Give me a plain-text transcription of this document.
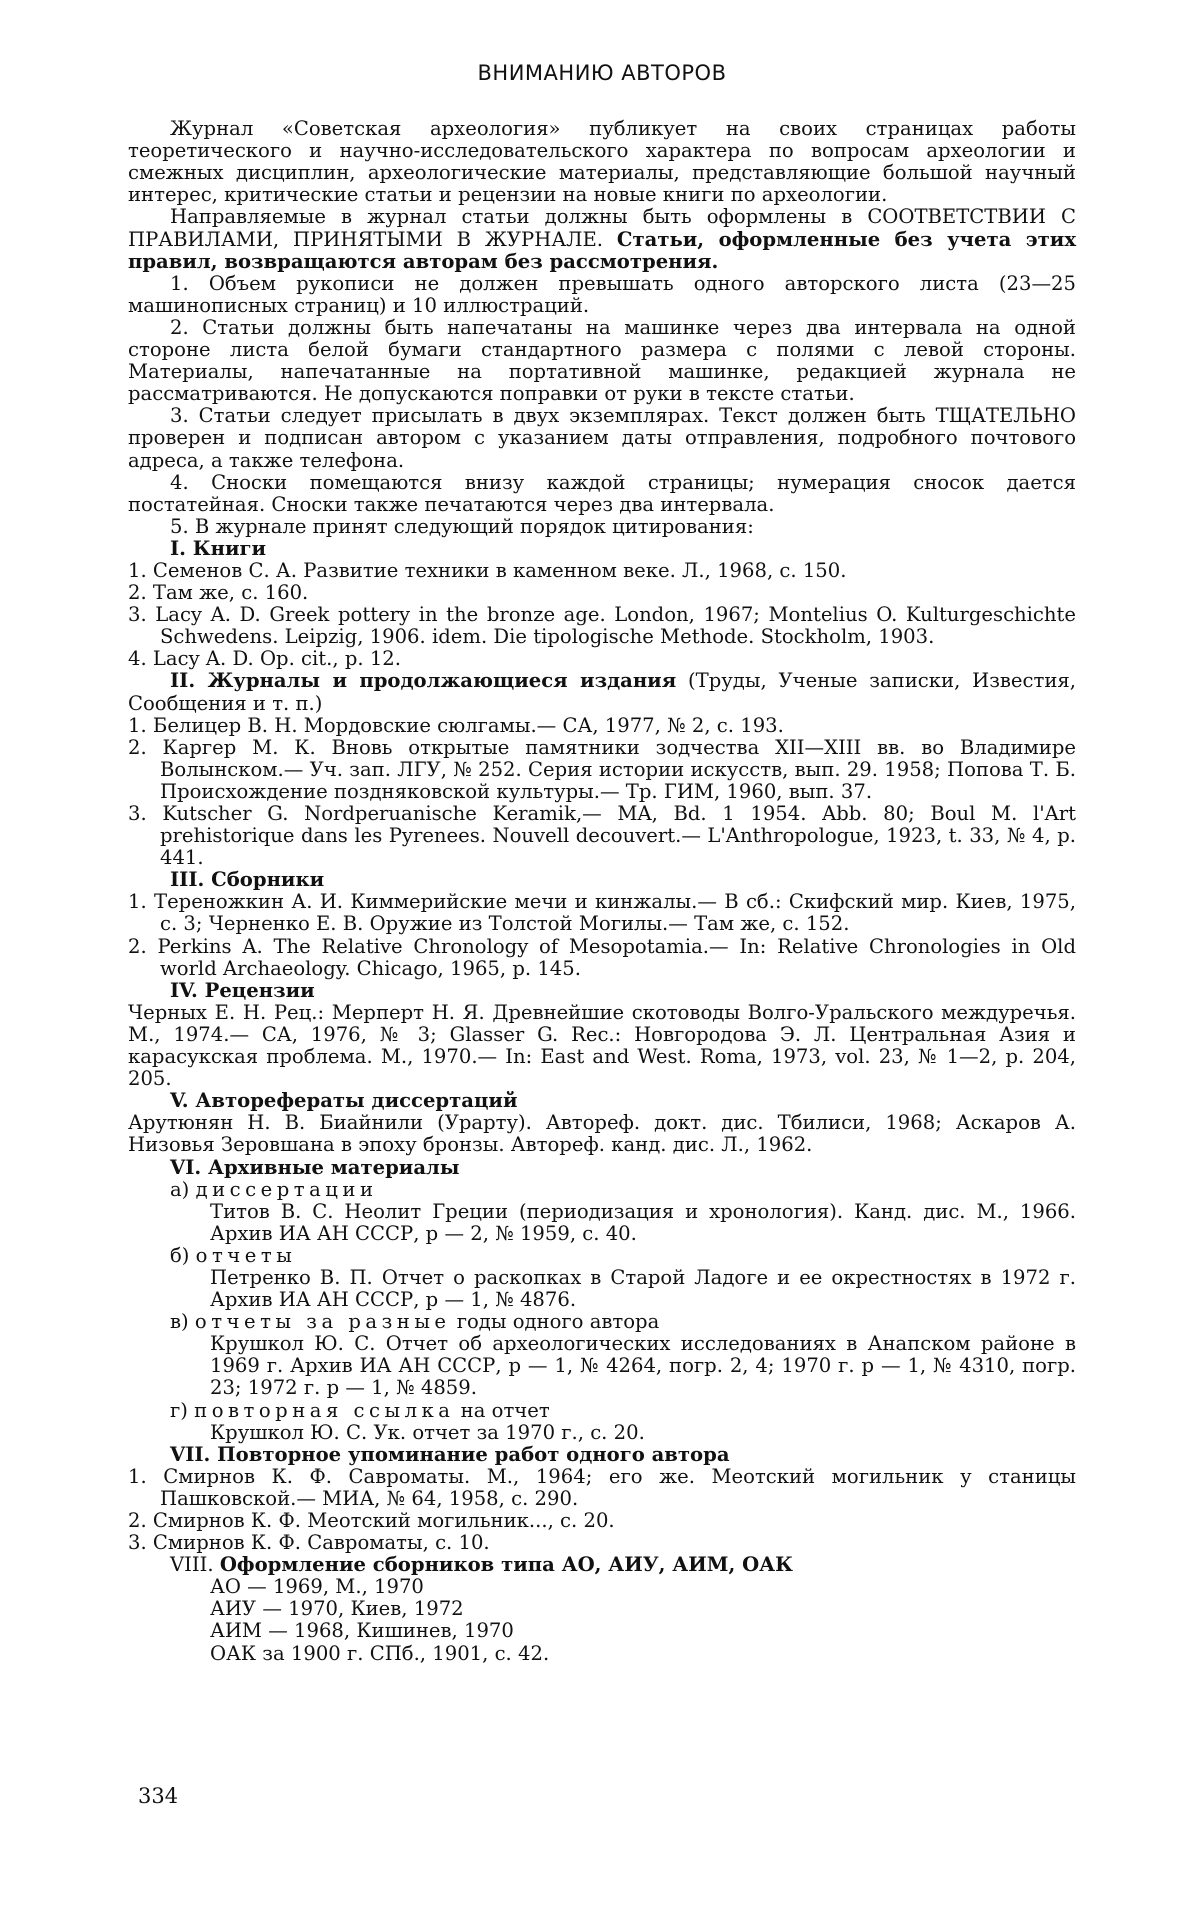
ВНИМАНИЮ АВТОРОВ

Журнал «Советская археология» публикует на своих страницах работы теоретического и научно-исследовательского характера по вопросам археологии и смежных дисциплин, археологические материалы, представляющие большой научный интерес, критические статьи и рецензии на новые книги по археологии.

Направляемые в журнал статьи должны быть оформлены в СООТВЕТСТВИИ С ПРАВИЛАМИ, ПРИНЯТЫМИ В ЖУРНАЛЕ. Статьи, оформленные без учета этих правил, возвращаются авторам без рассмотрения.

1. Объем рукописи не должен превышать одного авторского листа (23—25 машинописных страниц) и 10 иллюстраций.

2. Статьи должны быть напечатаны на машинке через два интервала на одной стороне листа белой бумаги стандартного размера с полями с левой стороны. Материалы, напечатанные на портативной машинке, редакцией журнала не рассматриваются. Не допускаются поправки от руки в тексте статьи.

3. Статьи следует присылать в двух экземплярах. Текст должен быть ТЩАТЕЛЬНО проверен и подписан автором с указанием даты отправления, подробного почтового адреса, а также телефона.

4. Сноски помещаются внизу каждой страницы; нумерация сносок дается постатейная. Сноски также печатаются через два интервала.

5. В журнале принят следующий порядок цитирования:

I. Книги

1. Семенов С. А. Развитие техники в каменном веке. Л., 1968, с. 150.

2. Там же, с. 160.

3. Lacy A. D. Greek pottery in the bronze age. London, 1967; Montelius O. Kulturgeschichte Schwedens. Leipzig, 1906. idem. Die tipologische Methode. Stockholm, 1903.

4. Lacy A. D. Op. cit., p. 12.

II. Журналы и продолжающиеся издания (Труды, Ученые записки, Известия, Сообщения и т. п.)

1. Белицер В. Н. Мордовские сюлгамы.— СА, 1977, № 2, с. 193.

2. Каргер М. К. Вновь открытые памятники зодчества XII—XIII вв. во Владимире Волынском.— Уч. зап. ЛГУ, № 252. Серия истории искусств, вып. 29. 1958; Попова Т. Б. Происхождение поздняковской культуры.— Тр. ГИМ, 1960, вып. 37.

3. Kutscher G. Nordperuanische Keramik,— MA, Bd. 1 1954. Abb. 80; Boul M. l'Art prehistorique dans les Pyrenees. Nouvell decouvert.— L'Anthropologue, 1923, t. 33, № 4, p. 441.

III. Сборники

1. Тереножкин А. И. Киммерийские мечи и кинжалы.— В сб.: Скифский мир. Киев, 1975, с. 3; Черненко Е. В. Оружие из Толстой Могилы.— Там же, с. 152.

2. Perkins A. The Relative Chronology of Mesopotamia.— In: Relative Chronologies in Old world Archaeology. Chicago, 1965, p. 145.

IV. Рецензии

Черных Е. Н. Рец.: Мерперт Н. Я. Древнейшие скотоводы Волго-Уральского междуречья. М., 1974.— СА, 1976, № 3; Glasser G. Rec.: Новгородова Э. Л. Центральная Азия и карасукская проблема. М., 1970.— In: East and West. Roma, 1973, vol. 23, № 1—2, p. 204, 205.

V. Авторефераты диссертаций

Арутюнян Н. В. Биайнили (Урарту). Автореф. докт. дис. Тбилиси, 1968; Аскаров А. Низовья Зеровшана в эпоху бронзы. Автореф. канд. дис. Л., 1962.

VI. Архивные материалы

а) диссертации

Титов В. С. Неолит Греции (периодизация и хронология). Канд. дис. М., 1966. Архив ИА АН СССР, р — 2, № 1959, с. 40.

б) отчеты

Петренко В. П. Отчет о раскопках в Старой Ладоге и ее окрестностях в 1972 г. Архив ИА АН СССР, р — 1, № 4876.

в) отчеты за разные годы одного автора

Крушкол Ю. С. Отчет об археологических исследованиях в Анапском районе в 1969 г. Архив ИА АН СССР, р — 1, № 4264, погр. 2, 4; 1970 г. р — 1, № 4310, погр. 23; 1972 г. р — 1, № 4859.

г) повторная ссылка на отчет

Крушкол Ю. С. Ук. отчет за 1970 г., с. 20.

VII. Повторное упоминание работ одного автора

1. Смирнов К. Ф. Савроматы. М., 1964; его же. Меотский могильник у станицы Пашковской.— МИА, № 64, 1958, с. 290.

2. Смирнов К. Ф. Меотский могильник..., с. 20.

3. Смирнов К. Ф. Савроматы, с. 10.

VIII. Оформление сборников типа АО, АИУ, АИМ, ОАК

АО — 1969, М., 1970

АИУ — 1970, Киев, 1972

АИМ — 1968, Кишинев, 1970

ОАК за 1900 г. СПб., 1901, с. 42.

334
